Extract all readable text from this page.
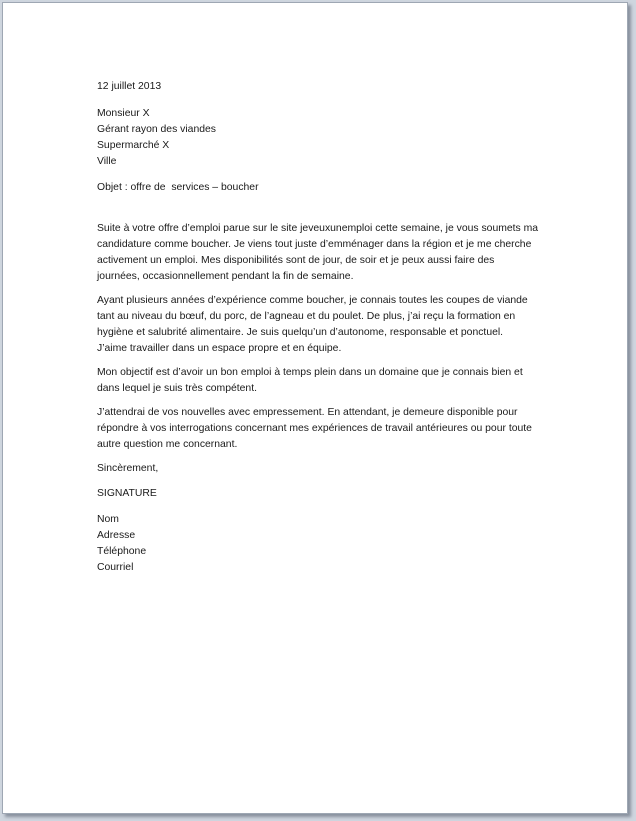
12 juillet 2013
Monsieur X
Gérant rayon des viandes
Supermarché X
Ville
Objet : offre de  services – boucher
Suite à votre offre d’emploi parue sur le site jeveuxunemploi cette semaine, je vous soumets ma
candidature comme boucher. Je viens tout juste d’emménager dans la région et je me cherche
activement un emploi. Mes disponibilités sont de jour, de soir et je peux aussi faire des
journées, occasionnellement pendant la fin de semaine.
Ayant plusieurs années d’expérience comme boucher, je connais toutes les coupes de viande
tant au niveau du bœuf, du porc, de l’agneau et du poulet. De plus, j’ai reçu la formation en
hygiène et salubrité alimentaire. Je suis quelqu’un d’autonome, responsable et ponctuel.
J’aime travailler dans un espace propre et en équipe.
Mon objectif est d’avoir un bon emploi à temps plein dans un domaine que je connais bien et
dans lequel je suis très compétent.
J’attendrai de vos nouvelles avec empressement. En attendant, je demeure disponible pour
répondre à vos interrogations concernant mes expériences de travail antérieures ou pour toute
autre question me concernant.
Sincèrement,
SIGNATURE
Nom
Adresse
Téléphone
Courriel
